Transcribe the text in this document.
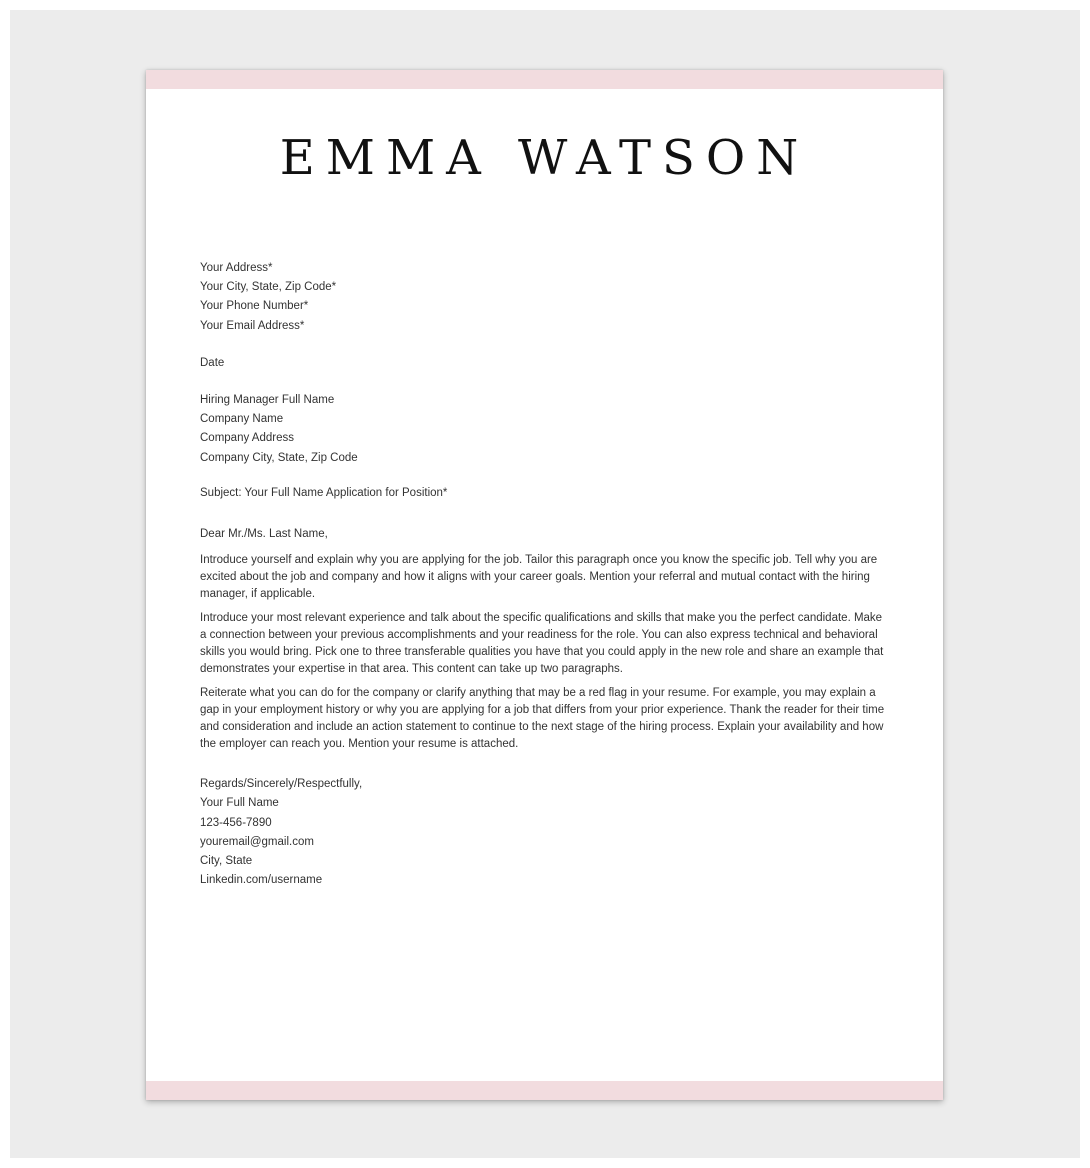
EMMA WATSON
Your Address*
Your City, State, Zip Code*
Your Phone Number*
Your Email Address*
Date
Hiring Manager Full Name
Company Name
Company Address
Company City, State, Zip Code
Subject: Your Full Name Application for Position*
Dear Mr./Ms. Last Name,

Introduce yourself and explain why you are applying for the job. Tailor this paragraph once you know the specific job. Tell why you are excited about the job and company and how it aligns with your career goals. Mention your referral and mutual contact with the hiring manager, if applicable.

Introduce your most relevant experience and talk about the specific qualifications and skills that make you the perfect candidate. Make a connection between your previous accomplishments and your readiness for the role. You can also express technical and behavioral skills you would bring. Pick one to three transferable qualities you have that you could apply in the new role and share an example that demonstrates your expertise in that area. This content can take up two paragraphs.

Reiterate what you can do for the company or clarify anything that may be a red flag in your resume. For example, you may explain a gap in your employment history or why you are applying for a job that differs from your prior experience. Thank the reader for their time and consideration and include an action statement to continue to the next stage of the hiring process. Explain your availability and how the employer can reach you. Mention your resume is attached.

Regards/Sincerely/Respectfully,
Your Full Name
123-456-7890
youremail@gmail.com
City, State
Linkedin.com/username
